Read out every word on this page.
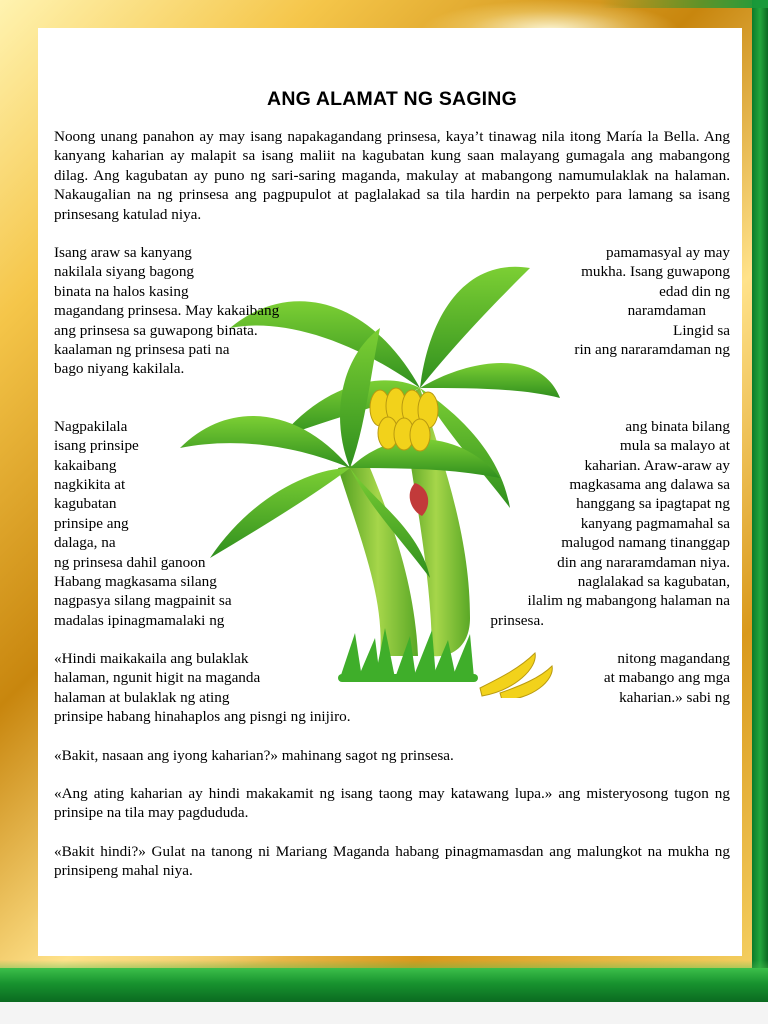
ANG ALAMAT NG SAGING

Noong unang panahon ay may isang napakagandang prinsesa, kaya’t tinawag nila itong María la Bella. Ang kanyang kaharian ay malapit sa isang maliit na kagubatan kung saan malayang gumagala ang mabangong dilag. Ang kagubatan ay puno ng sari-saring maganda, makulay at mabangong namumulaklak na halaman. Nakaugalian na ng prinsesa ang pagpupulot at paglalakad sa tila hardin na perpekto para lamang sa isang prinsesang katulad niya.

Isang araw sa kanyang	pamamasyal ay may
nakilala siyang bagong	mukha. Isang guwapong
binata na halos kasing	edad din ng
magandang prinsesa. May kakaibang	naramdaman
ang prinsesa sa guwapong binata.	Lingid sa
kaalaman ng prinsesa pati na	rin ang nararamdaman ng
bago niyang kakilala.
Nagpakilala	ang binata bilang
isang prinsipe	mula sa malayo at
kakaibang	kaharian. Araw-araw ay
nagkikita at	magkasama ang dalawa sa
kagubatan	hanggang sa ipagtapat ng
prinsipe ang	kanyang pagmamahal sa
dalaga, na	malugod namang tinanggap
ng prinsesa dahil ganoon	din ang nararamdaman niya.
Habang magkasama silang	naglalakad sa kagubatan,
nagpasya silang magpainit sa	ilalim ng mabangong halaman na
madalas ipinagmamalaki ng	prinsesa.
«Hindi maikakaila ang bulaklak	nitong magandang
halaman, ngunit higit na maganda	at mabango ang mga
halaman at bulaklak ng ating	kaharian.» sabi ng
prinsipe habang hinahaplos ang pisngi ng inijiro.

«Bakit, nasaan ang iyong kaharian?» mahinang sagot ng prinsesa.

«Ang ating kaharian ay hindi makakamit ng isang taong may katawang lupa.» ang misteryosong tugon ng prinsipe na tila may pagdududa.

«Bakit hindi?» Gulat na tanong ni Mariang Maganda habang pinagmamasdan ang malungkot na mukha ng prinsipeng mahal niya.
